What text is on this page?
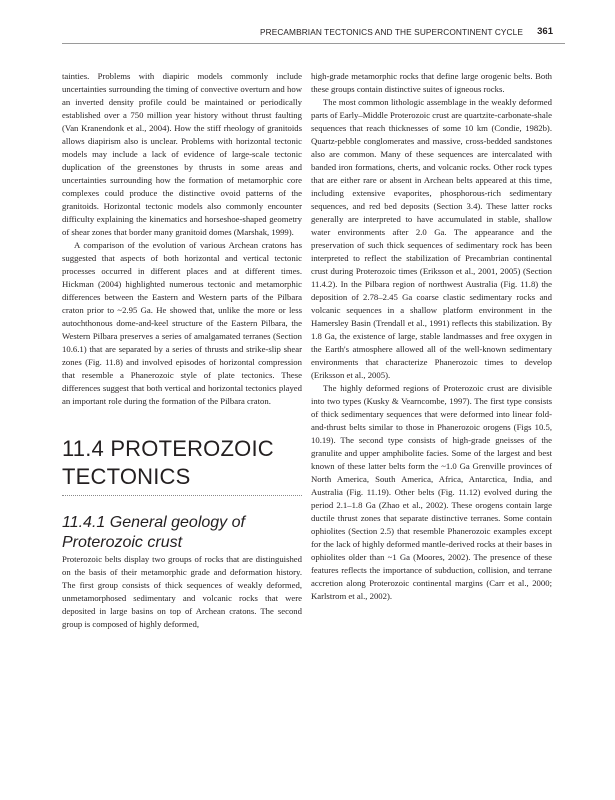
PRECAMBRIAN TECTONICS AND THE SUPERCONTINENT CYCLE 361

tainties. Problems with diapiric models commonly include uncertainties surrounding the timing of convective overturn and how an inverted density profile could be maintained or periodically established over a 750 million year history without thrust faulting (Van Kranendonk et al., 2004). How the stiff rheology of granitoids allows diapirism also is unclear. Problems with horizontal tectonic models may include a lack of evidence of large-scale tectonic duplication of the greenstones by thrusts in some areas and uncertainties surrounding how the formation of metamorphic core complexes could produce the distinctive ovoid patterns of the granitoids. Horizontal tectonic models also commonly encounter difficulty explaining the kinematics and horseshoe-shaped geometry of shear zones that border many granitoid domes (Marshak, 1999).

A comparison of the evolution of various Archean cratons has suggested that aspects of both horizontal and vertical tectonic processes occurred in different places and at different times. Hickman (2004) highlighted numerous tectonic and metamorphic differences between the Eastern and Western parts of the Pilbara craton prior to ~2.95 Ga. He showed that, unlike the more or less autochthonous dome-and-keel structure of the Eastern Pilbara, the Western Pilbara preserves a series of amalgamated terranes (Section 10.6.1) that are separated by a series of thrusts and strike-slip shear zones (Fig. 11.8) and involved episodes of horizontal compression that resemble a Phanerozoic style of plate tectonics. These differences suggest that both vertical and horizontal tectonics played an important role during the formation of the Pilbara craton.

11.4 PROTEROZOIC
TECTONICS
11.4.1 General geology of
Proterozoic crust

Proterozoic belts display two groups of rocks that are distinguished on the basis of their metamorphic grade and deformation history. The first group consists of thick sequences of weakly deformed, unmetamorphosed sedimentary and volcanic rocks that were deposited in large basins on top of Archean cratons. The second group is composed of highly deformed,

high-grade metamorphic rocks that define large orogenic belts. Both these groups contain distinctive suites of igneous rocks.

The most common lithologic assemblage in the weakly deformed parts of Early–Middle Proterozoic crust are quartzite-carbonate-shale sequences that reach thicknesses of some 10 km (Condie, 1982b). Quartz-pebble conglomerates and massive, cross-bedded sandstones also are common. Many of these sequences are intercalated with banded iron formations, cherts, and volcanic rocks. Other rock types that are either rare or absent in Archean belts appeared at this time, including extensive evaporites, phosphorous-rich sedimentary sequences, and red bed deposits (Section 3.4). These latter rocks generally are interpreted to have accumulated in stable, shallow water environments after 2.0 Ga. The appearance and the preservation of such thick sequences of sedimentary rock has been interpreted to reflect the stabilization of Precambrian continental crust during Proterozoic times (Eriksson et al., 2001, 2005) (Section 11.4.2). In the Pilbara region of northwest Australia (Fig. 11.8) the deposition of 2.78–2.45 Ga coarse clastic sedimentary rocks and volcanic sequences in a shallow platform environment in the Hamersley Basin (Trendall et al., 1991) reflects this stabilization. By 1.8 Ga, the existence of large, stable landmasses and free oxygen in the Earth's atmosphere allowed all of the well-known sedimentary environments that characterize Phanerozoic times to develop (Eriksson et al., 2005).

The highly deformed regions of Proterozoic crust are divisible into two types (Kusky & Vearncombe, 1997). The first type consists of thick sedimentary sequences that were deformed into linear fold-and-thrust belts similar to those in Phanerozoic orogens (Figs 10.5, 10.19). The second type consists of high-grade gneisses of the granulite and upper amphibolite facies. Some of the largest and best known of these latter belts form the ~1.0 Ga Grenville provinces of North America, South America, Africa, Antarctica, India, and Australia (Fig. 11.19). Other belts (Fig. 11.12) evolved during the period 2.1–1.8 Ga (Zhao et al., 2002). These orogens contain large ductile thrust zones that separate distinctive terranes. Some contain ophiolites (Section 2.5) that resemble Phanerozoic examples except for the lack of highly deformed mantle-derived rocks at their bases in ophiolites older than ~1 Ga (Moores, 2002). The presence of these features reflects the importance of subduction, collision, and terrane accretion along Proterozoic continental margins (Carr et al., 2000; Karlstrom et al., 2002).
